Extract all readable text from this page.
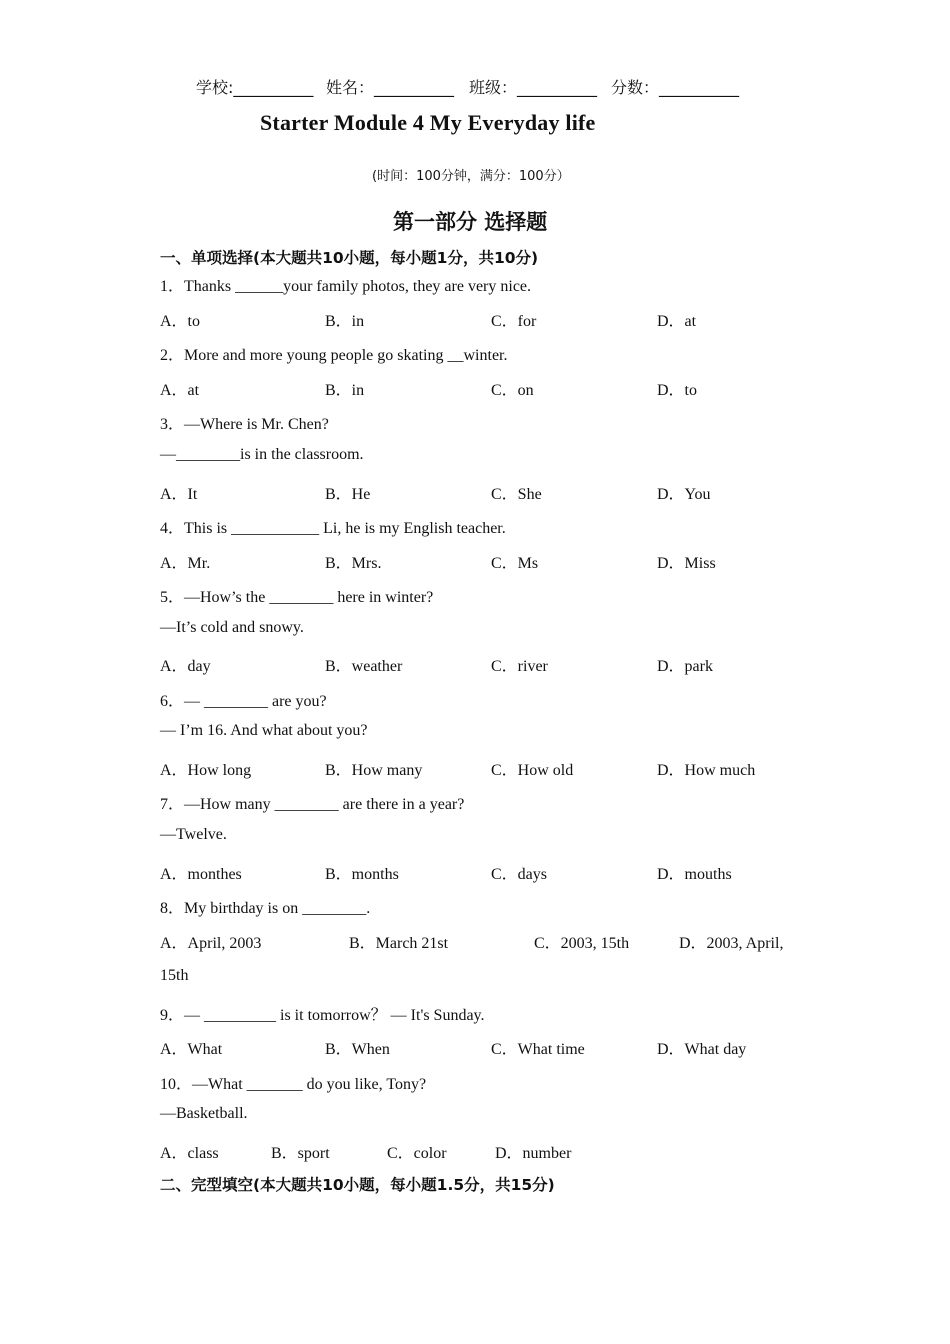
学校:__________ 姓名：__________ 班级：__________ 分数：__________
Starter Module 4 My Everyday life
(时间：100分钟，满分：100分）
第一部分 选择题
一、单项选择(本大题共10小题，每小题1分，共10分)
1．Thanks ______your family photos, they are very nice.
A．to	B．in	C．for	D．at
2．More and more young people go skating __winter.
A．at	B．in	C．on	D．to
3．—Where is Mr. Chen?
—________is in the classroom.
A．It	B．He	C．She	D．You
4．This is ___________ Li, he is my English teacher.
A．Mr.	B．Mrs.	C．Ms	D．Miss
5．—How’s the ________ here in winter?
—It’s cold and snowy.
A．day	B．weather	C．river	D．park
6．— ________ are you?
— I’m 16. And what about you?
A．How long	B．How many	C．How old	D．How much
7．—How many ________ are there in a year?
—Twelve.
A．monthes	B．months	C．days	D．mouths
8．My birthday is on ________.
A．April, 2003	B．March 21st	C．2003, 15th	D．2003, April,
15th
9．— _________ is it tomorrow？ — It's Sunday.
A．What	B．When	C．What time	D．What day
10．—What _______ do you like, Tony?
—Basketball.
A．class	B．sport	C．color	D．number
二、完型填空(本大题共10小题，每小题1.5分，共15分)
